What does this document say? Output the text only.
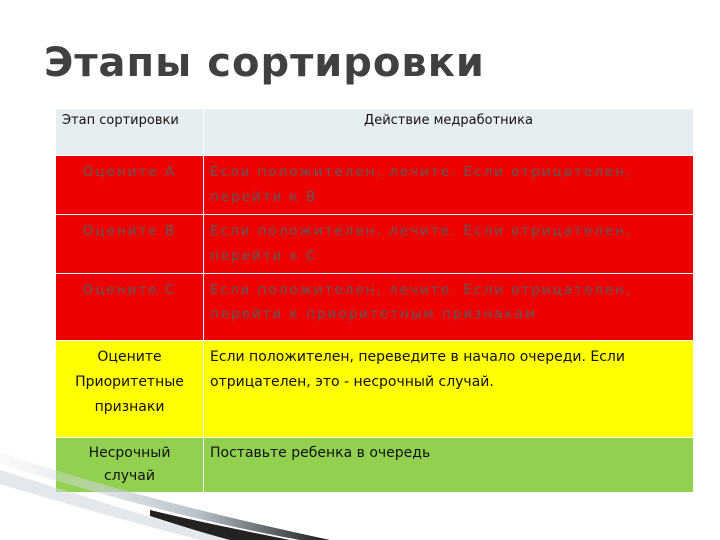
Этапы сортировки
Этап сортировки	Действие медработника
Оцените А	Если положителен, лечите. Если отрицателен, перейти к В
Оцените В	Если положителен, лечите. Если отрицателен, перейти к С
Оцените С	Если положителен, лечите. Если отрицателен, перейти к приоритетным признакам
Оцените Приоритетные признаки	Если положителен, переведите в начало очереди. Если отрицателен, это - несрочный случай.
Несрочный случай	Поставьте ребенка в очередь
